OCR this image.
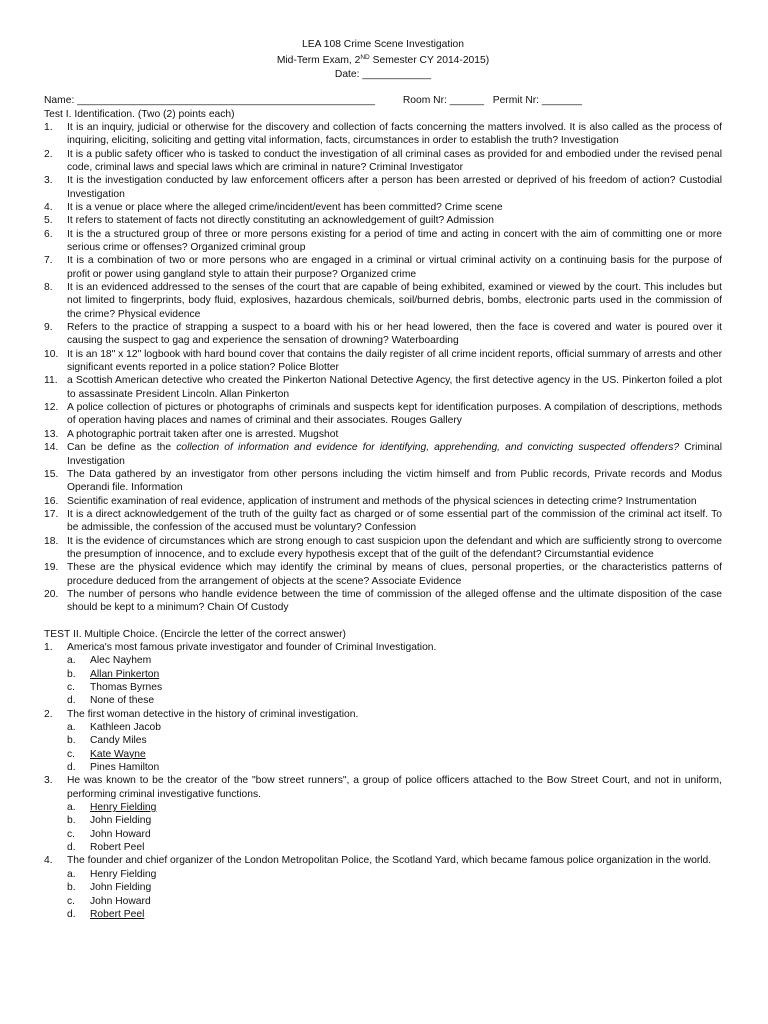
LEA 108 Crime Scene Investigation
Mid-Term Exam, 2ND Semester CY 2014-2015)
Date: ____________
Name: ____________________________________________________	Room Nr: ______ Permit Nr: _______
Test I. Identification. (Two (2) points each)
1.	It is an inquiry, judicial or otherwise for the discovery and collection of facts concerning the matters involved. It is also called as the process of inquiring, eliciting, soliciting and getting vital information, facts, circumstances in order to establish the truth? Investigation
2.	It is a public safety officer who is tasked to conduct the investigation of all criminal cases as provided for and embodied under the revised penal code, criminal laws and special laws which are criminal in nature? Criminal Investigator
3.	It is the investigation conducted by law enforcement officers after a person has been arrested or deprived of his freedom of action? Custodial Investigation
4.	It is a venue or place where the alleged crime/incident/event has been committed? Crime scene
5.	It refers to statement of facts not directly constituting an acknowledgement of guilt? Admission
6.	It is the a structured group of three or more persons existing for a period of time and acting in concert with the aim of committing one or more serious crime or offenses? Organized criminal group
7.	It is a combination of two or more persons who are engaged in a criminal or virtual criminal activity on a continuing basis for the purpose of profit or power using gangland style to attain their purpose? Organized crime
8.	It is an evidenced addressed to the senses of the court that are capable of being exhibited, examined or viewed by the court. This includes but not limited to fingerprints, body fluid, explosives, hazardous chemicals, soil/burned debris, bombs, electronic parts used in the commission of the crime? Physical evidence
9.	Refers to the practice of strapping a suspect to a board with his or her head lowered, then the face is covered and water is poured over it causing the suspect to gag and experience the sensation of drowning? Waterboarding
10. It is an 18" x 12" logbook with hard bound cover that contains the daily register of all crime incident reports, official summary of arrests and other significant events reported in a police station? Police Blotter
11. a Scottish American detective who created the Pinkerton National Detective Agency, the first detective agency in the US. Pinkerton foiled a plot to assassinate President Lincoln. Allan Pinkerton
12. A police collection of pictures or photographs of criminals and suspects kept for identification purposes. A compilation of descriptions, methods of operation having places and names of criminal and their associates. Rouges Gallery
13. A photographic portrait taken after one is arrested. Mugshot
14. Can be define as the collection of information and evidence for identifying, apprehending, and convicting suspected offenders? Criminal Investigation
15. The Data gathered by an investigator from other persons including the victim himself and from Public records, Private records and Modus Operandi file. Information
16. Scientific examination of real evidence, application of instrument and methods of the physical sciences in detecting crime? Instrumentation
17. It is a direct acknowledgement of the truth of the guilty fact as charged or of some essential part of the commission of the criminal act itself. To be admissible, the confession of the accused must be voluntary? Confession
18. It is the evidence of circumstances which are strong enough to cast suspicion upon the defendant and which are sufficiently strong to overcome the presumption of innocence, and to exclude every hypothesis except that of the guilt of the defendant? Circumstantial evidence
19. These are the physical evidence which may identify the criminal by means of clues, personal properties, or the characteristics patterns of procedure deduced from the arrangement of objects at the scene? Associate Evidence
20. The number of persons who handle evidence between the time of commission of the alleged offense and the ultimate disposition of the case should be kept to a minimum? Chain Of Custody
TEST II. Multiple Choice. (Encircle the letter of the correct answer)
1.	America's most famous private investigator and founder of Criminal Investigation.
a.	Alec Nayhem
b.	Allan Pinkerton
c.	Thomas Byrnes
d.	None of these
2.	The first woman detective in the history of criminal investigation.
a.	Kathleen Jacob
b.	Candy Miles
c.	Kate Wayne
d.	Pines Hamilton
3.	He was known to be the creator of the "bow street runners", a group of police officers attached to the Bow Street Court, and not in uniform, performing criminal investigative functions.
a.	Henry Fielding
b.	John Fielding
c.	John Howard
d.	Robert Peel
4.	The founder and chief organizer of the London Metropolitan Police, the Scotland Yard, which became famous police organization in the world.
a.	Henry Fielding
b.	John Fielding
c.	John Howard
d.	Robert Peel
